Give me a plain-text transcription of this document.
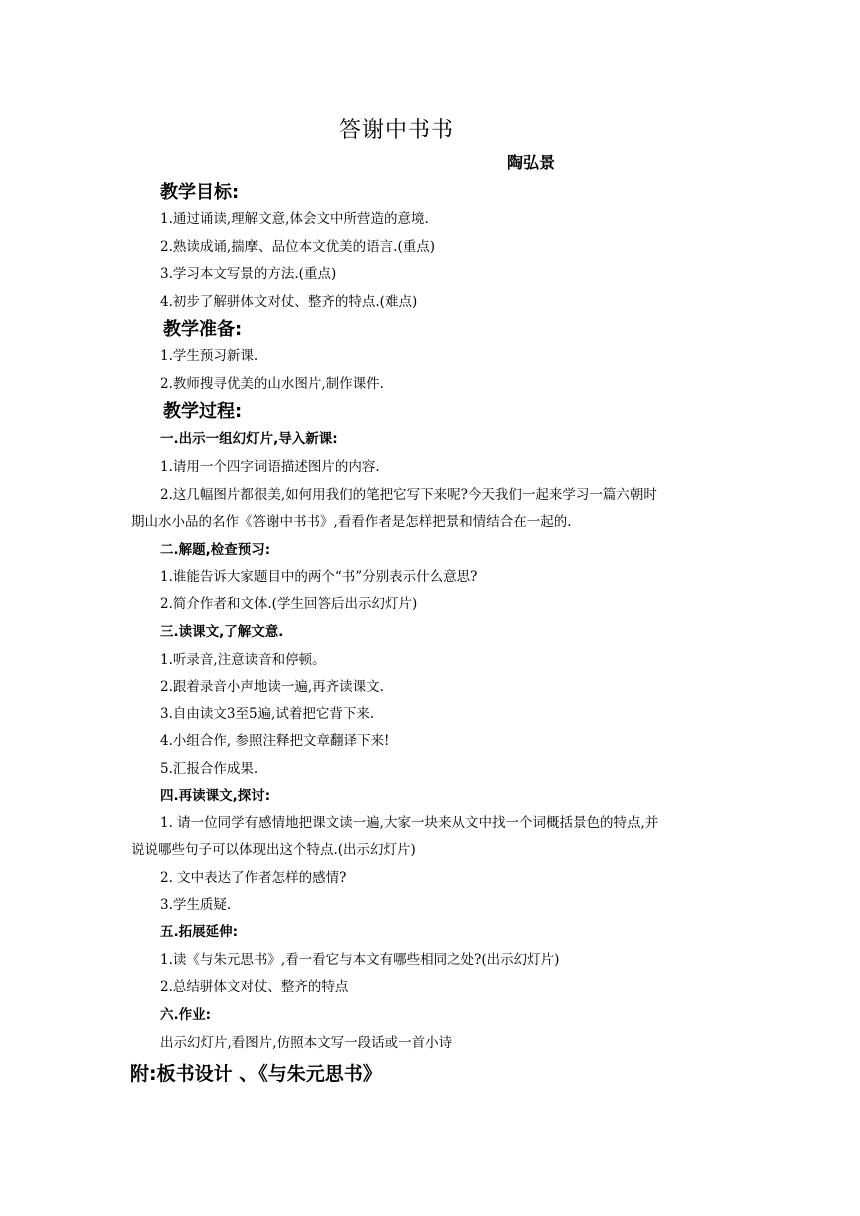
答谢中书书
陶弘景
教学目标:
1.通过诵读,理解文意,体会文中所营造的意境.
2.熟读成诵,揣摩、品位本文优美的语言.(重点)
3.学习本文写景的方法.(重点)
4.初步了解骈体文对仗、整齐的特点.(难点)
教学准备:
1.学生预习新课.
2.教师搜寻优美的山水图片,制作课件.
教学过程:
一.出示一组幻灯片,导入新课:
1.请用一个四字词语描述图片的内容.
2.这几幅图片都很美,如何用我们的笔把它写下来呢?今天我们一起来学习一篇六朝时
期山水小品的名作《答谢中书书》,看看作者是怎样把景和情结合在一起的.
二.解题,检查预习:
1.谁能告诉大家题目中的两个“书”分别表示什么意思?
2.简介作者和文体.(学生回答后出示幻灯片)
三.读课文,了解文意.
1.听录音,注意读音和停顿。
2.跟着录音小声地读一遍,再齐读课文.
3.自由读文3至5遍,试着把它背下来.
4.小组合作, 参照注释把文章翻译下来!
5.汇报合作成果.
四.再读课文,探讨:
1. 请一位同学有感情地把课文读一遍,大家一块来从文中找一个词概括景色的特点,并
说说哪些句子可以体现出这个特点.(出示幻灯片)
2. 文中表达了作者怎样的感情?
3.学生质疑.
五.拓展延伸:
1.读《与朱元思书》,看一看它与本文有哪些相同之处?(出示幻灯片)
2.总结骈体文对仗、整齐的特点
六.作业:
出示幻灯片,看图片,仿照本文写一段话或一首小诗
附:板书设计 、《与朱元思书》
